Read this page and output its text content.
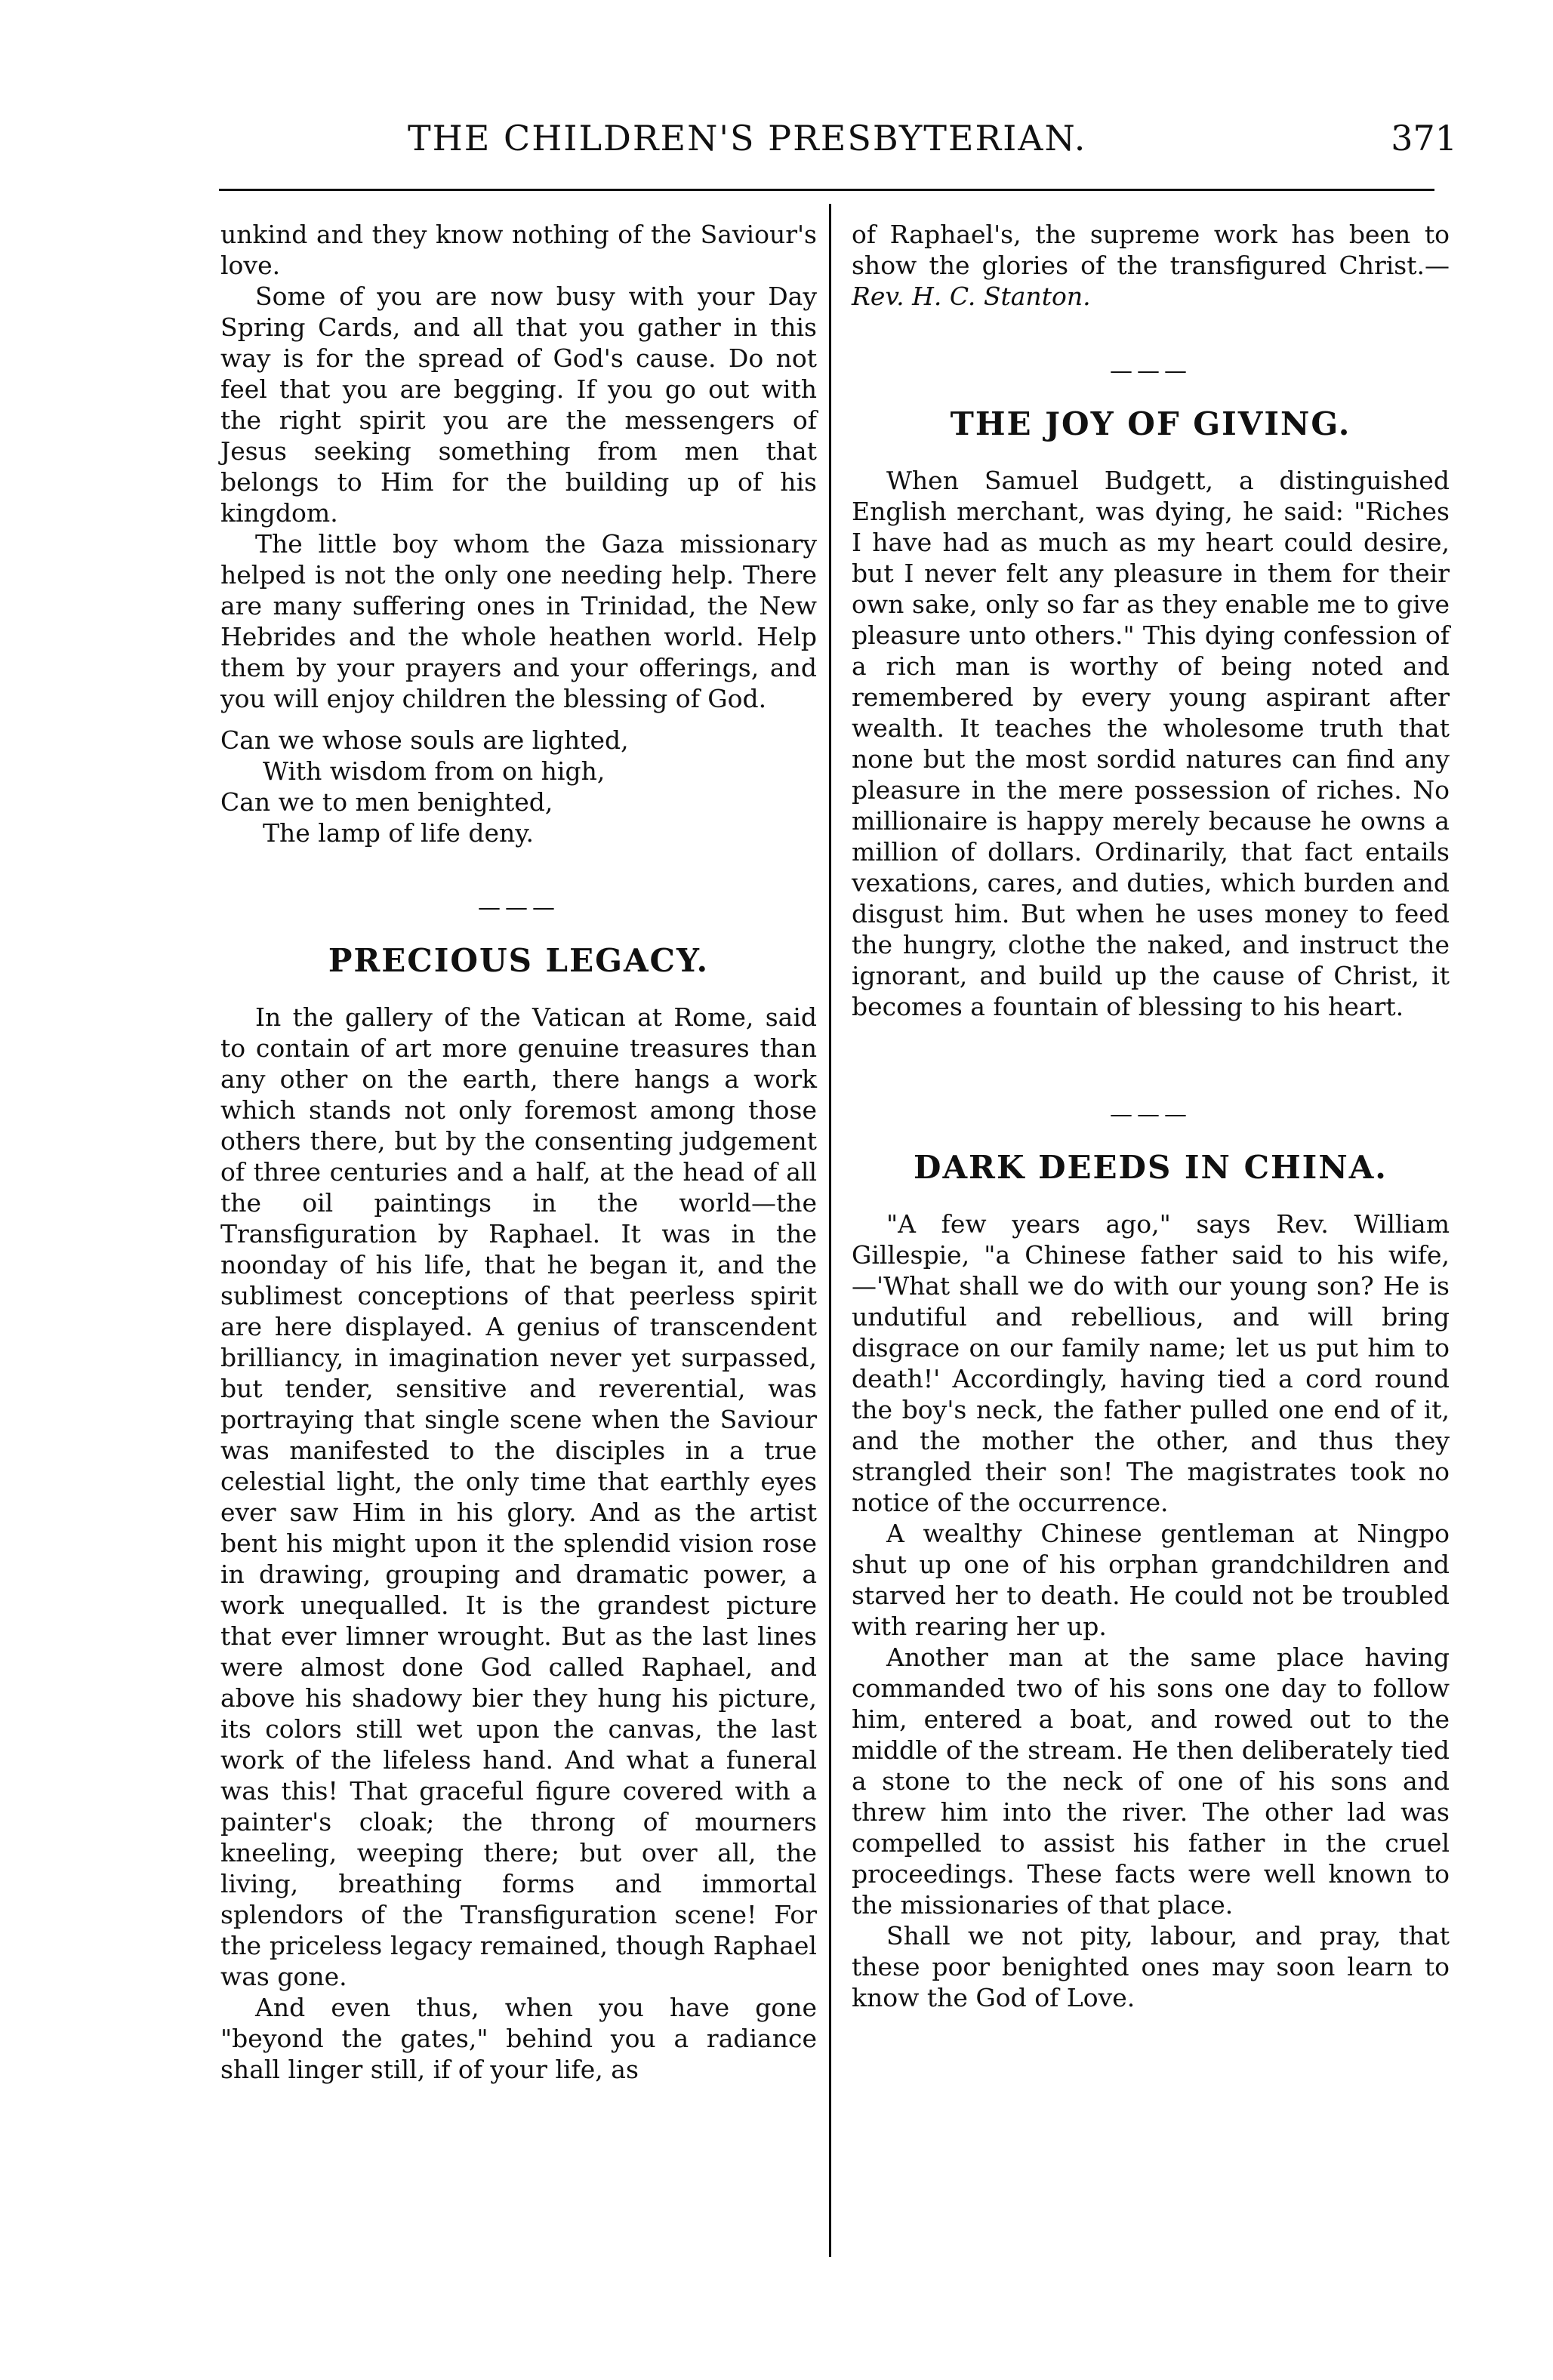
THE CHILDREN'S PRESBYTERIAN.	371

unkind and they know nothing of the Saviour's love.

Some of you are now busy with your Day Spring Cards, and all that you gather in this way is for the spread of God's cause. Do not feel that you are begging. If you go out with the right spirit you are the messengers of Jesus seeking something from men that belongs to Him for the building up of his kingdom.

The little boy whom the Gaza missionary helped is not the only one needing help. There are many suffering ones in Trinidad, the New Hebrides and the whole heathen world. Help them by your prayers and your offerings, and you will enjoy children the blessing of God.

Can we whose souls are lighted,
With wisdom from on high,
Can we to men benighted,
The lamp of life deny.
———
PRECIOUS LEGACY.

In the gallery of the Vatican at Rome, said to contain of art more genuine treasures than any other on the earth, there hangs a work which stands not only foremost among those others there, but by the consenting judgement of three centuries and a half, at the head of all the oil paintings in the world—the Transfiguration by Raphael. It was in the noonday of his life, that he began it, and the sublimest conceptions of that peerless spirit are here displayed. A genius of transcendent brilliancy, in imagination never yet surpassed, but tender, sensitive and reverential, was portraying that single scene when the Saviour was manifested to the disciples in a true celestial light, the only time that earthly eyes ever saw Him in his glory. And as the artist bent his might upon it the splendid vision rose in drawing, grouping and dramatic power, a work unequalled. It is the grandest picture that ever limner wrought. But as the last lines were almost done God called Raphael, and above his shadowy bier they hung his picture, its colors still wet upon the canvas, the last work of the lifeless hand. And what a funeral was this! That graceful figure covered with a painter's cloak; the throng of mourners kneeling, weeping there; but over all, the living, breathing forms and immortal splendors of the Transfiguration scene! For the priceless legacy remained, though Raphael was gone.

And even thus, when you have gone "beyond the gates," behind you a radiance shall linger still, if of your life, as

of Raphael's, the supreme work has been to show the glories of the transfigured Christ.—Rev. H. C. Stanton.

———
THE JOY OF GIVING.

When Samuel Budgett, a distinguished English merchant, was dying, he said: "Riches I have had as much as my heart could desire, but I never felt any pleasure in them for their own sake, only so far as they enable me to give pleasure unto others." This dying confession of a rich man is worthy of being noted and remembered by every young aspirant after wealth. It teaches the wholesome truth that none but the most sordid natures can find any pleasure in the mere possession of riches. No millionaire is happy merely because he owns a million of dollars. Ordinarily, that fact entails vexations, cares, and duties, which burden and disgust him. But when he uses money to feed the hungry, clothe the naked, and instruct the ignorant, and build up the cause of Christ, it becomes a fountain of blessing to his heart.

———
DARK DEEDS IN CHINA.

"A few years ago," says Rev. William Gillespie, "a Chinese father said to his wife,—'What shall we do with our young son? He is undutiful and rebellious, and will bring disgrace on our family name; let us put him to death!' Accordingly, having tied a cord round the boy's neck, the father pulled one end of it, and the mother the other, and thus they strangled their son! The magistrates took no notice of the occurrence.

A wealthy Chinese gentleman at Ningpo shut up one of his orphan grandchildren and starved her to death. He could not be troubled with rearing her up.

Another man at the same place having commanded two of his sons one day to follow him, entered a boat, and rowed out to the middle of the stream. He then deliberately tied a stone to the neck of one of his sons and threw him into the river. The other lad was compelled to assist his father in the cruel proceedings. These facts were well known to the missionaries of that place.

Shall we not pity, labour, and pray, that these poor benighted ones may soon learn to know the God of Love.
